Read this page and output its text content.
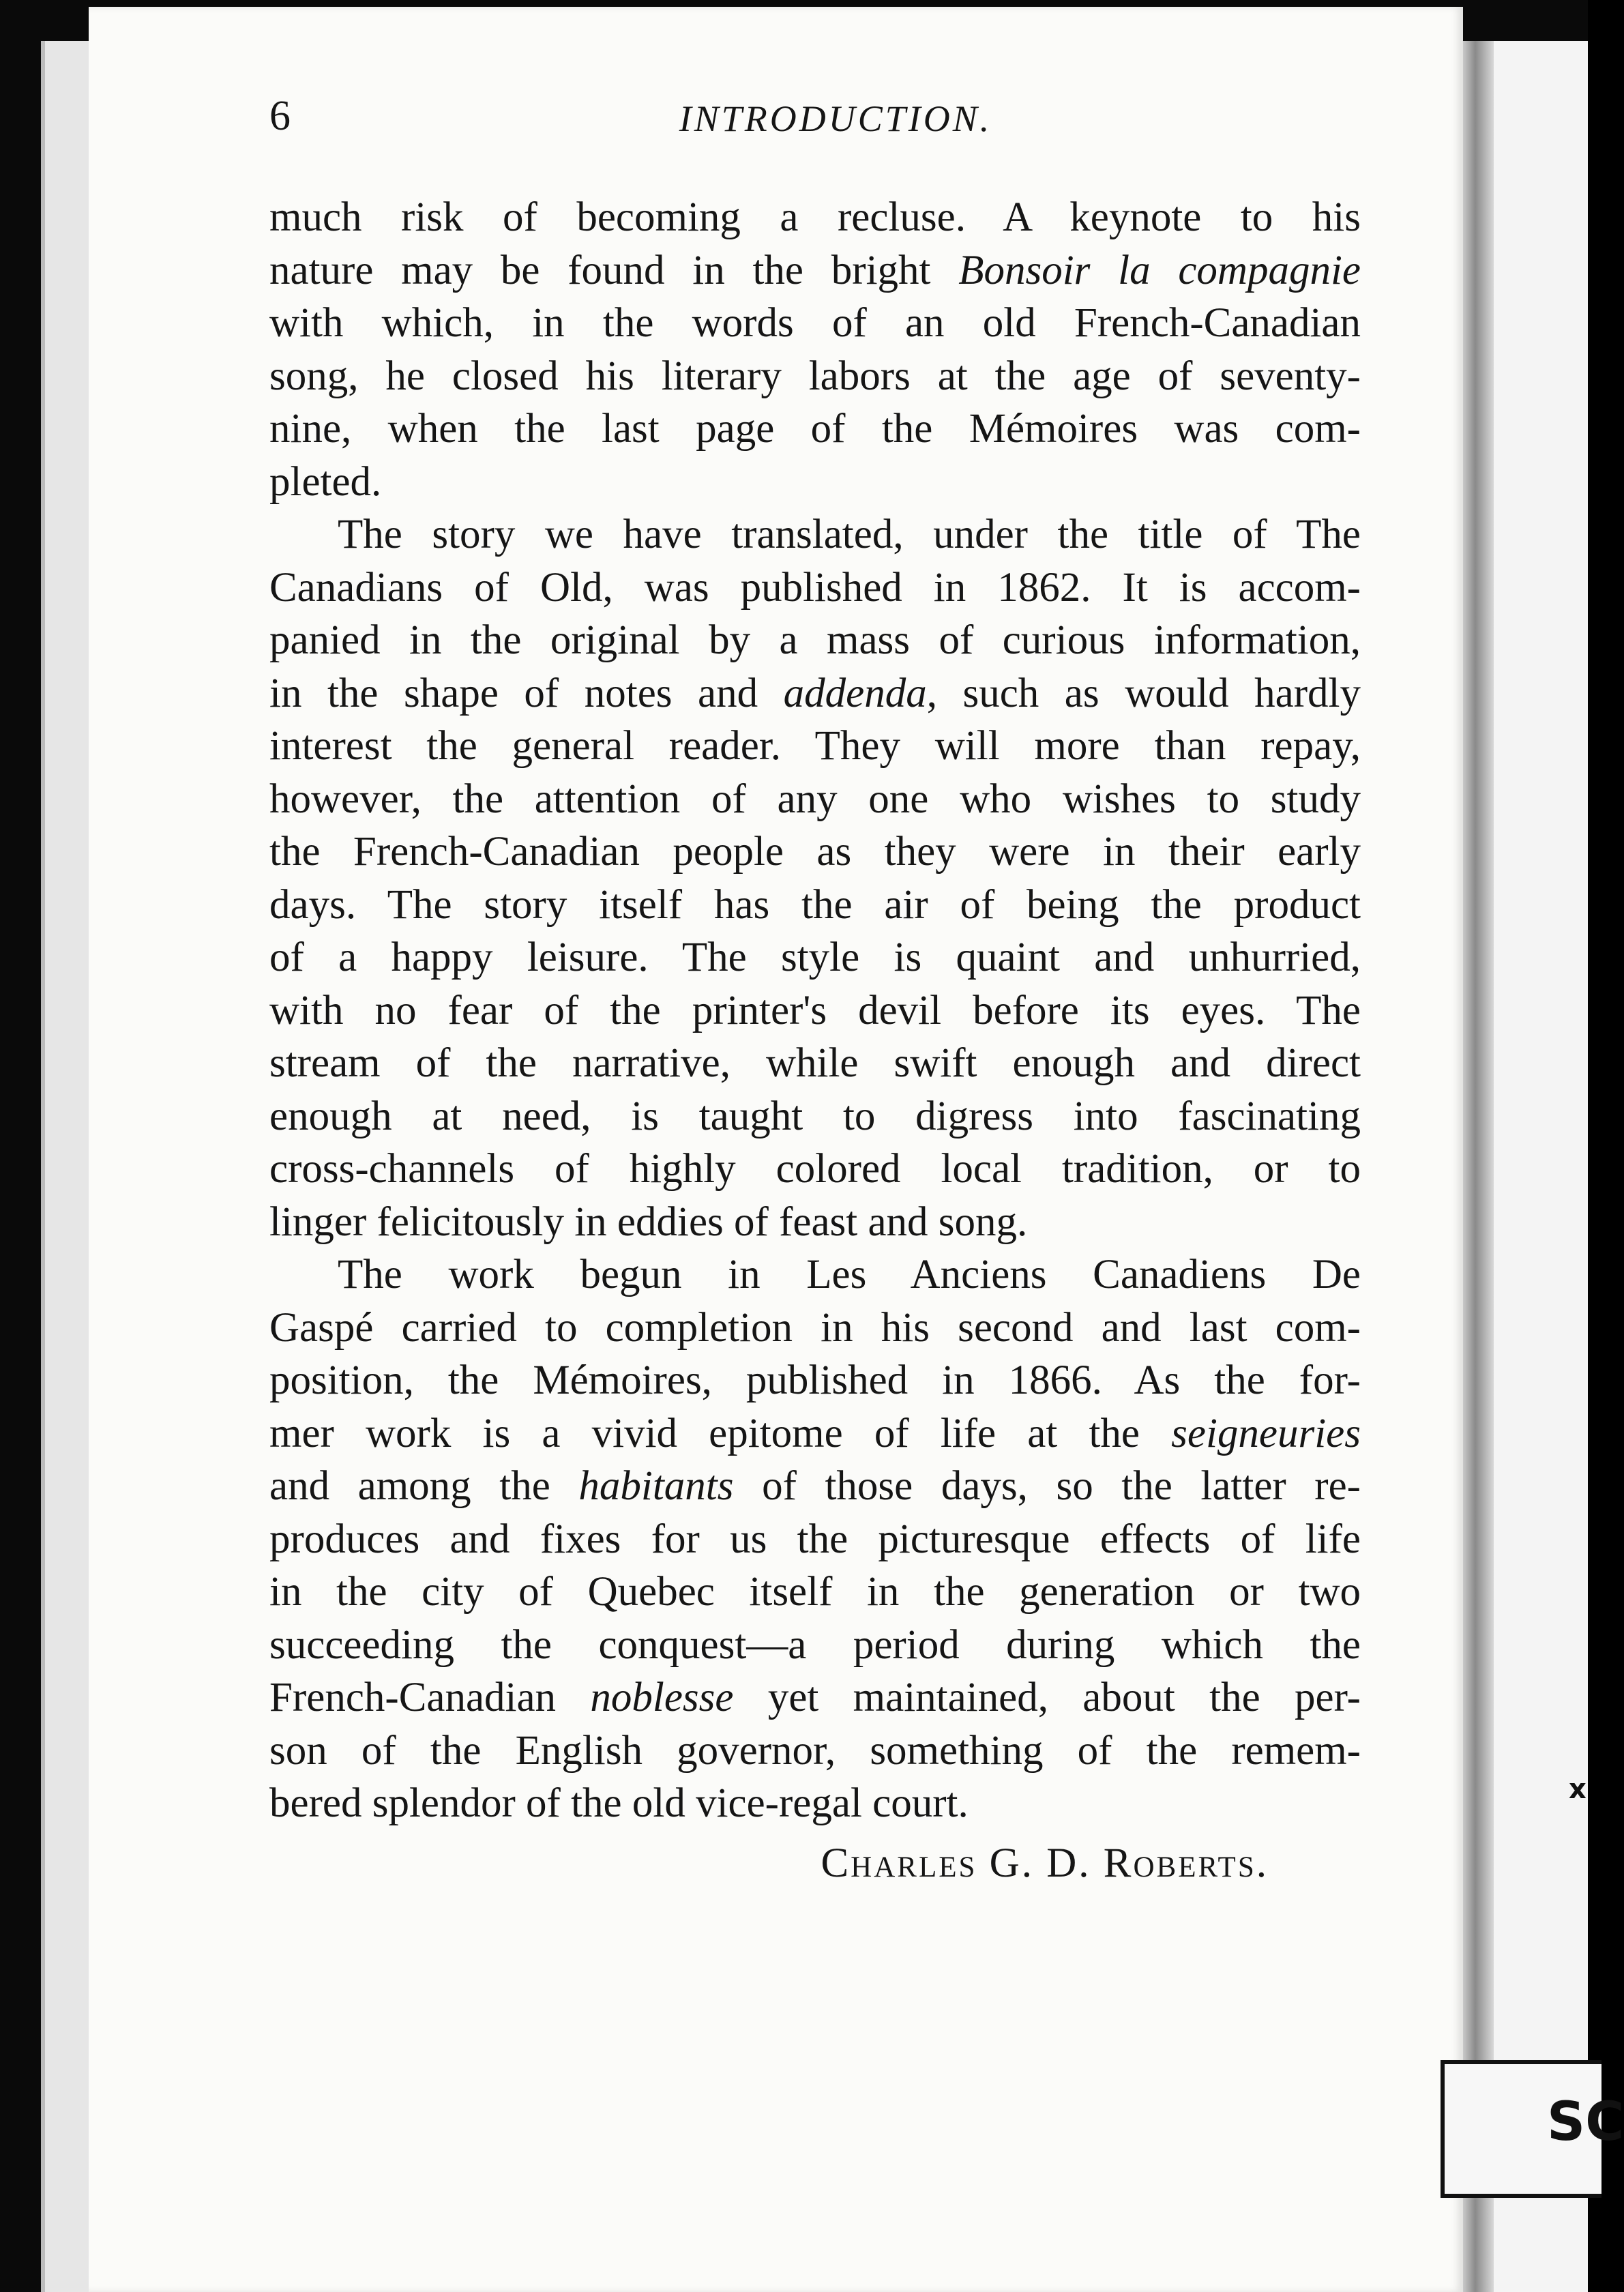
x
SC
6	INTRODUCTION.

much risk of becoming a recluse. A keynote to his
nature may be found in the bright Bonsoir la compagnie
with which, in the words of an old French-Canadian
song, he closed his literary labors at the age of seventy-
nine, when the last page of the Mémoires was com-
pleted.

The story we have translated, under the title of The
Canadians of Old, was published in 1862. It is accom-
panied in the original by a mass of curious information,
in the shape of notes and addenda, such as would hardly
interest the general reader. They will more than repay,
however, the attention of any one who wishes to study
the French-Canadian people as they were in their early
days. The story itself has the air of being the product
of a happy leisure. The style is quaint and unhurried,
with no fear of the printer's devil before its eyes. The
stream of the narrative, while swift enough and direct
enough at need, is taught to digress into fascinating
cross-channels of highly colored local tradition, or to
linger felicitously in eddies of feast and song.

The work begun in Les Anciens Canadiens De
Gaspé carried to completion in his second and last com-
position, the Mémoires, published in 1866. As the for-
mer work is a vivid epitome of life at the seigneuries
and among the habitants of those days, so the latter re-
produces and fixes for us the picturesque effects of life
in the city of Quebec itself in the generation or two
succeeding the conquest—a period during which the
French-Canadian noblesse yet maintained, about the per-
son of the English governor, something of the remem-
bered splendor of the old vice-regal court.

Charles G. D. Roberts.
